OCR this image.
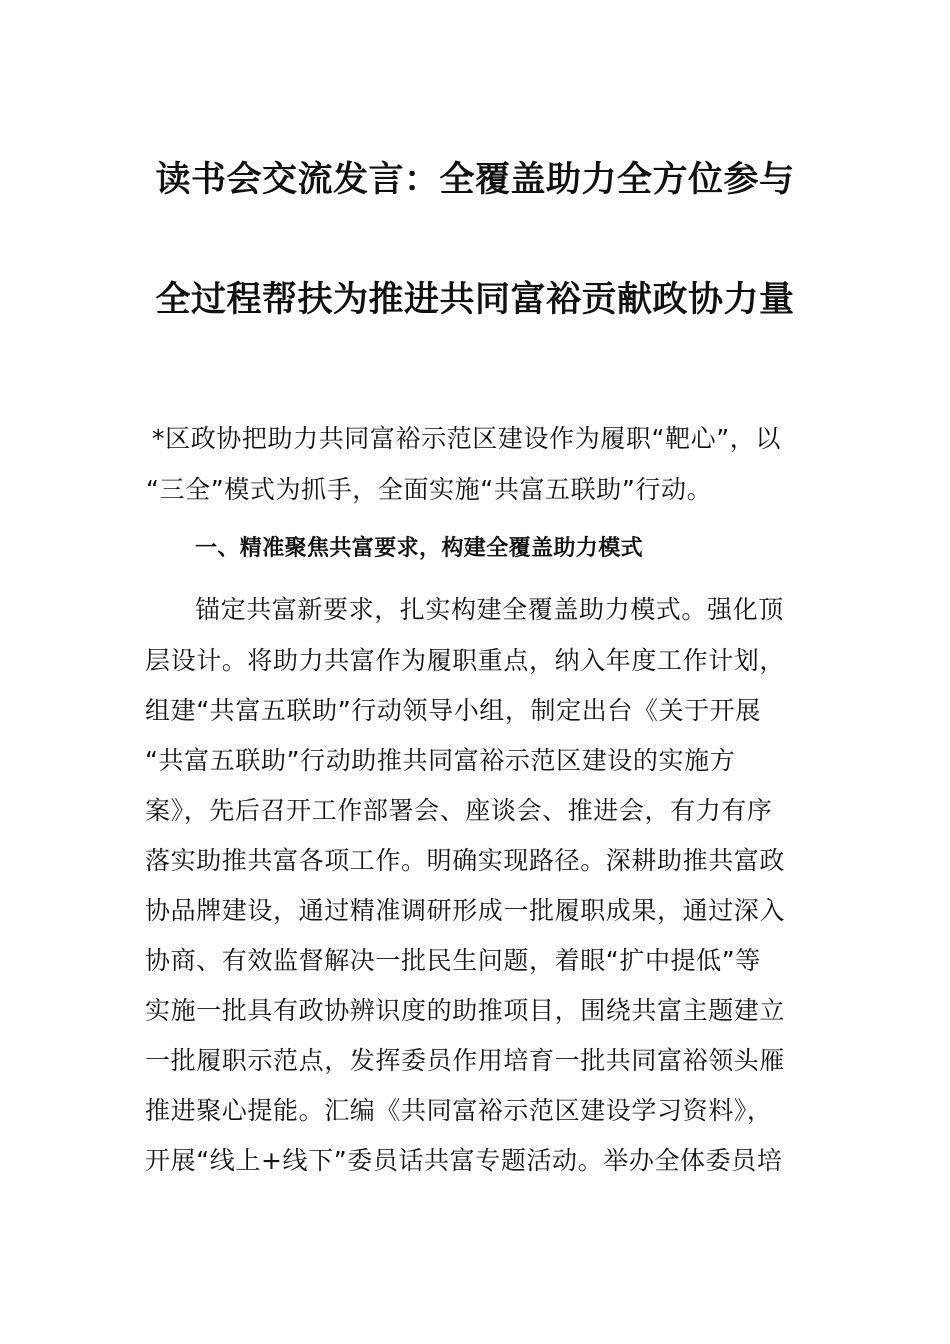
读书会交流发言：全覆盖助力全方位参与
全过程帮扶为推进共同富裕贡献政协力量
*区政协把助力共同富裕示范区建设作为履职“靶心”，以
“三全”模式为抓手，全面实施“共富五联助”行动。
一、精准聚焦共富要求，构建全覆盖助力模式
锚定共富新要求，扎实构建全覆盖助力模式。强化顶
层设计。将助力共富作为履职重点，纳入年度工作计划，
组建“共富五联助”行动领导小组，制定出台《关于开展
“共富五联助”行动助推共同富裕示范区建设的实施方
案》，先后召开工作部署会、座谈会、推进会，有力有序
落实助推共富各项工作。明确实现路径。深耕助推共富政
协品牌建设，通过精准调研形成一批履职成果，通过深入
协商、有效监督解决一批民生问题，着眼“扩中提低”等
实施一批具有政协辨识度的助推项目，围绕共富主题建立
一批履职示范点，发挥委员作用培育一批共同富裕领头雁
推进聚心提能。汇编《共同富裕示范区建设学习资料》，
开展“线上+线下”委员话共富专题活动。举办全体委员培
